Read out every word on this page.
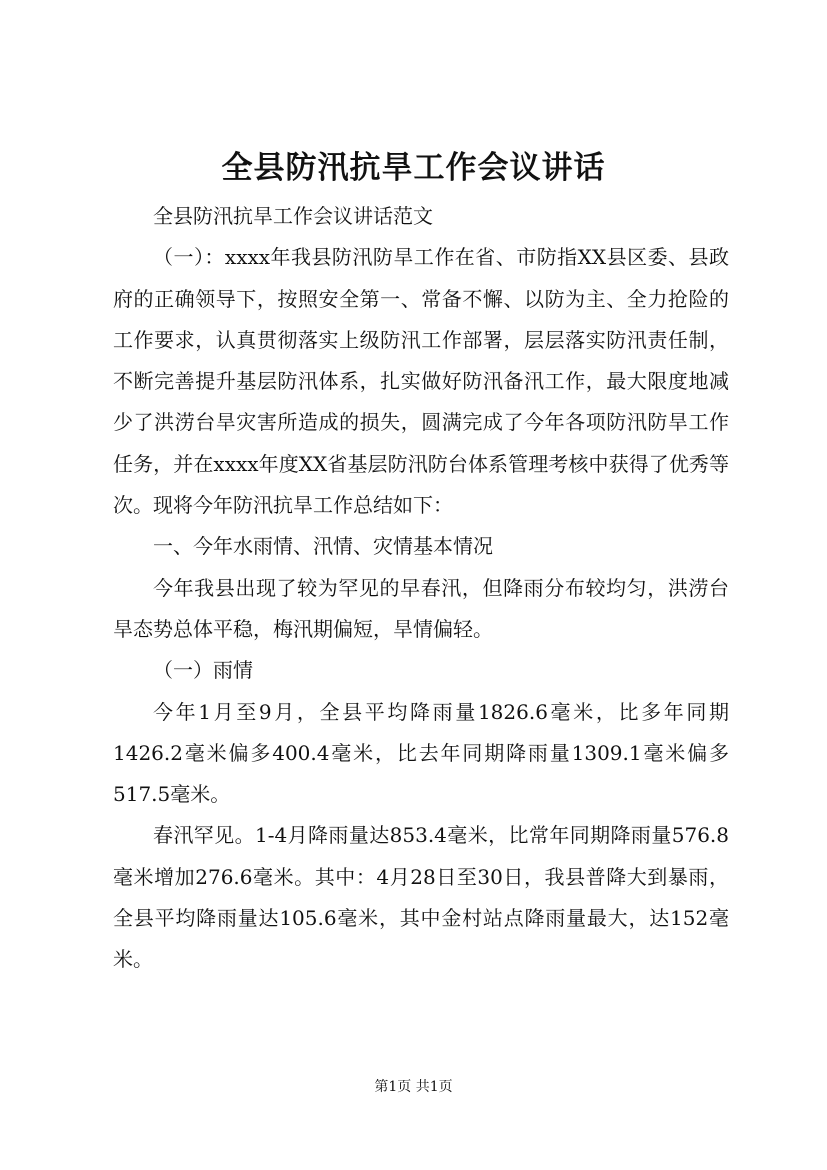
全县防汛抗旱工作会议讲话

全县防汛抗旱工作会议讲话范文

（一）：xxxx年我县防汛防旱工作在省、市防指XX县区委、县政府的正确领导下，按照安全第一、常备不懈、以防为主、全力抢险的工作要求，认真贯彻落实上级防汛工作部署，层层落实防汛责任制，不断完善提升基层防汛体系，扎实做好防汛备汛工作，最大限度地减少了洪涝台旱灾害所造成的损失，圆满完成了今年各项防汛防旱工作任务，并在xxxx年度XX省基层防汛防台体系管理考核中获得了优秀等次。现将今年防汛抗旱工作总结如下：

一、今年水雨情、汛情、灾情基本情况

今年我县出现了较为罕见的早春汛，但降雨分布较均匀，洪涝台旱态势总体平稳，梅汛期偏短，旱情偏轻。

（一）雨情

今年1月至9月，全县平均降雨量1826.6毫米，比多年同期1426.2毫米偏多400.4毫米，比去年同期降雨量1309.1毫米偏多517.5毫米。

春汛罕见。1-4月降雨量达853.4毫米，比常年同期降雨量576.8毫米增加276.6毫米。其中：4月28日至30日，我县普降大到暴雨，全县平均降雨量达105.6毫米，其中金村站点降雨量最大，达152毫米。

第1页 共1页
